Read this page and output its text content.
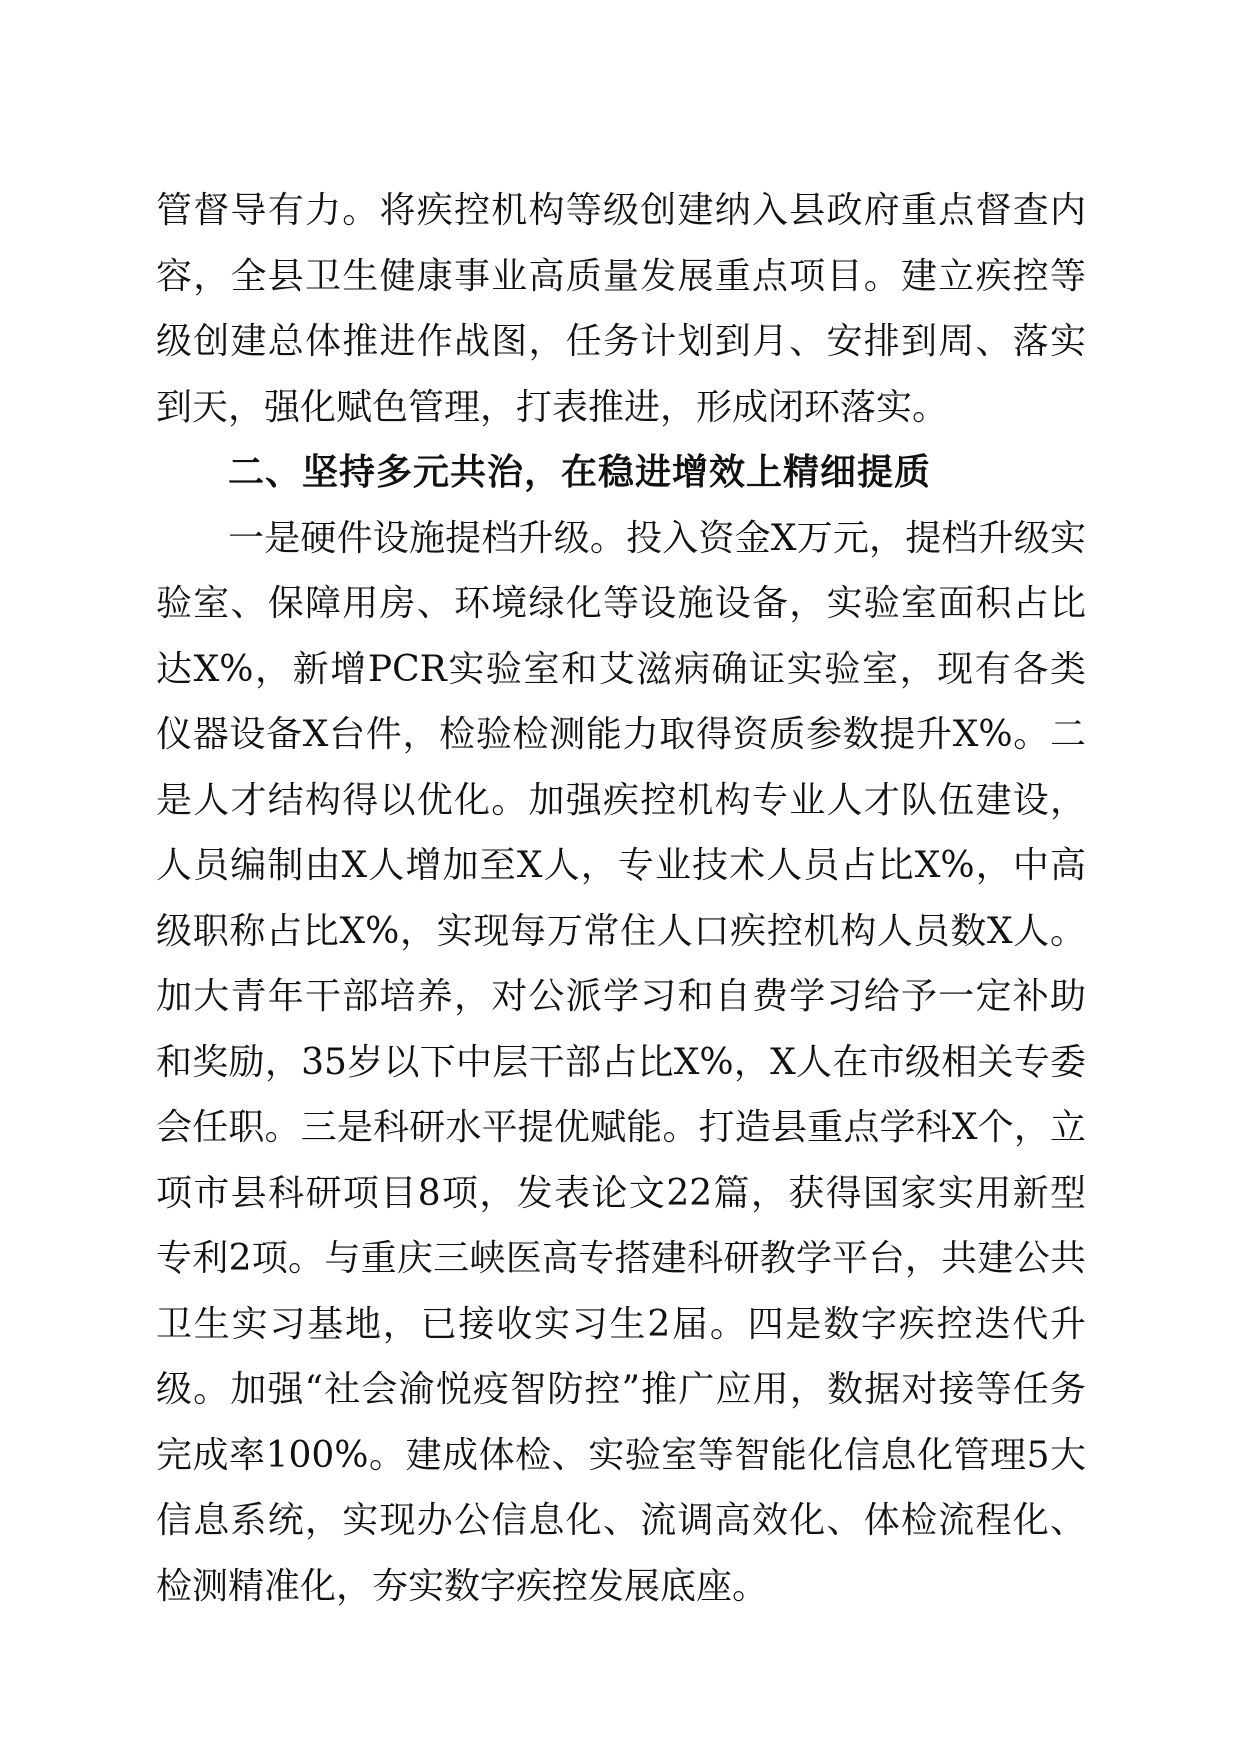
管督导有力。将疾控机构等级创建纳入县政府重点督查内容，全县卫生健康事业高质量发展重点项目。建立疾控等级创建总体推进作战图，任务计划到月、安排到周、落实到天，强化赋色管理，打表推进，形成闭环落实。

二、坚持多元共治，在稳进增效上精细提质

一是硬件设施提档升级。投入资金X万元，提档升级实验室、保障用房、环境绿化等设施设备，实验室面积占比达X%，新增PCR实验室和艾滋病确证实验室，现有各类仪器设备X台件，检验检测能力取得资质参数提升X%。二是人才结构得以优化。加强疾控机构专业人才队伍建设，人员编制由X人增加至X人，专业技术人员占比X%，中高级职称占比X%，实现每万常住人口疾控机构人员数X人。加大青年干部培养，对公派学习和自费学习给予一定补助和奖励，35岁以下中层干部占比X%，X人在市级相关专委会任职。三是科研水平提优赋能。打造县重点学科X个，立项市县科研项目8项，发表论文22篇，获得国家实用新型专利2项。与重庆三峡医高专搭建科研教学平台，共建公共卫生实习基地，已接收实习生2届。四是数字疾控迭代升级。加强“社会渝悦疫智防控”推广应用，数据对接等任务完成率100%。建成体检、实验室等智能化信息化管理5大信息系统，实现办公信息化、流调高效化、体检流程化、检测精准化，夯实数字疾控发展底座。
